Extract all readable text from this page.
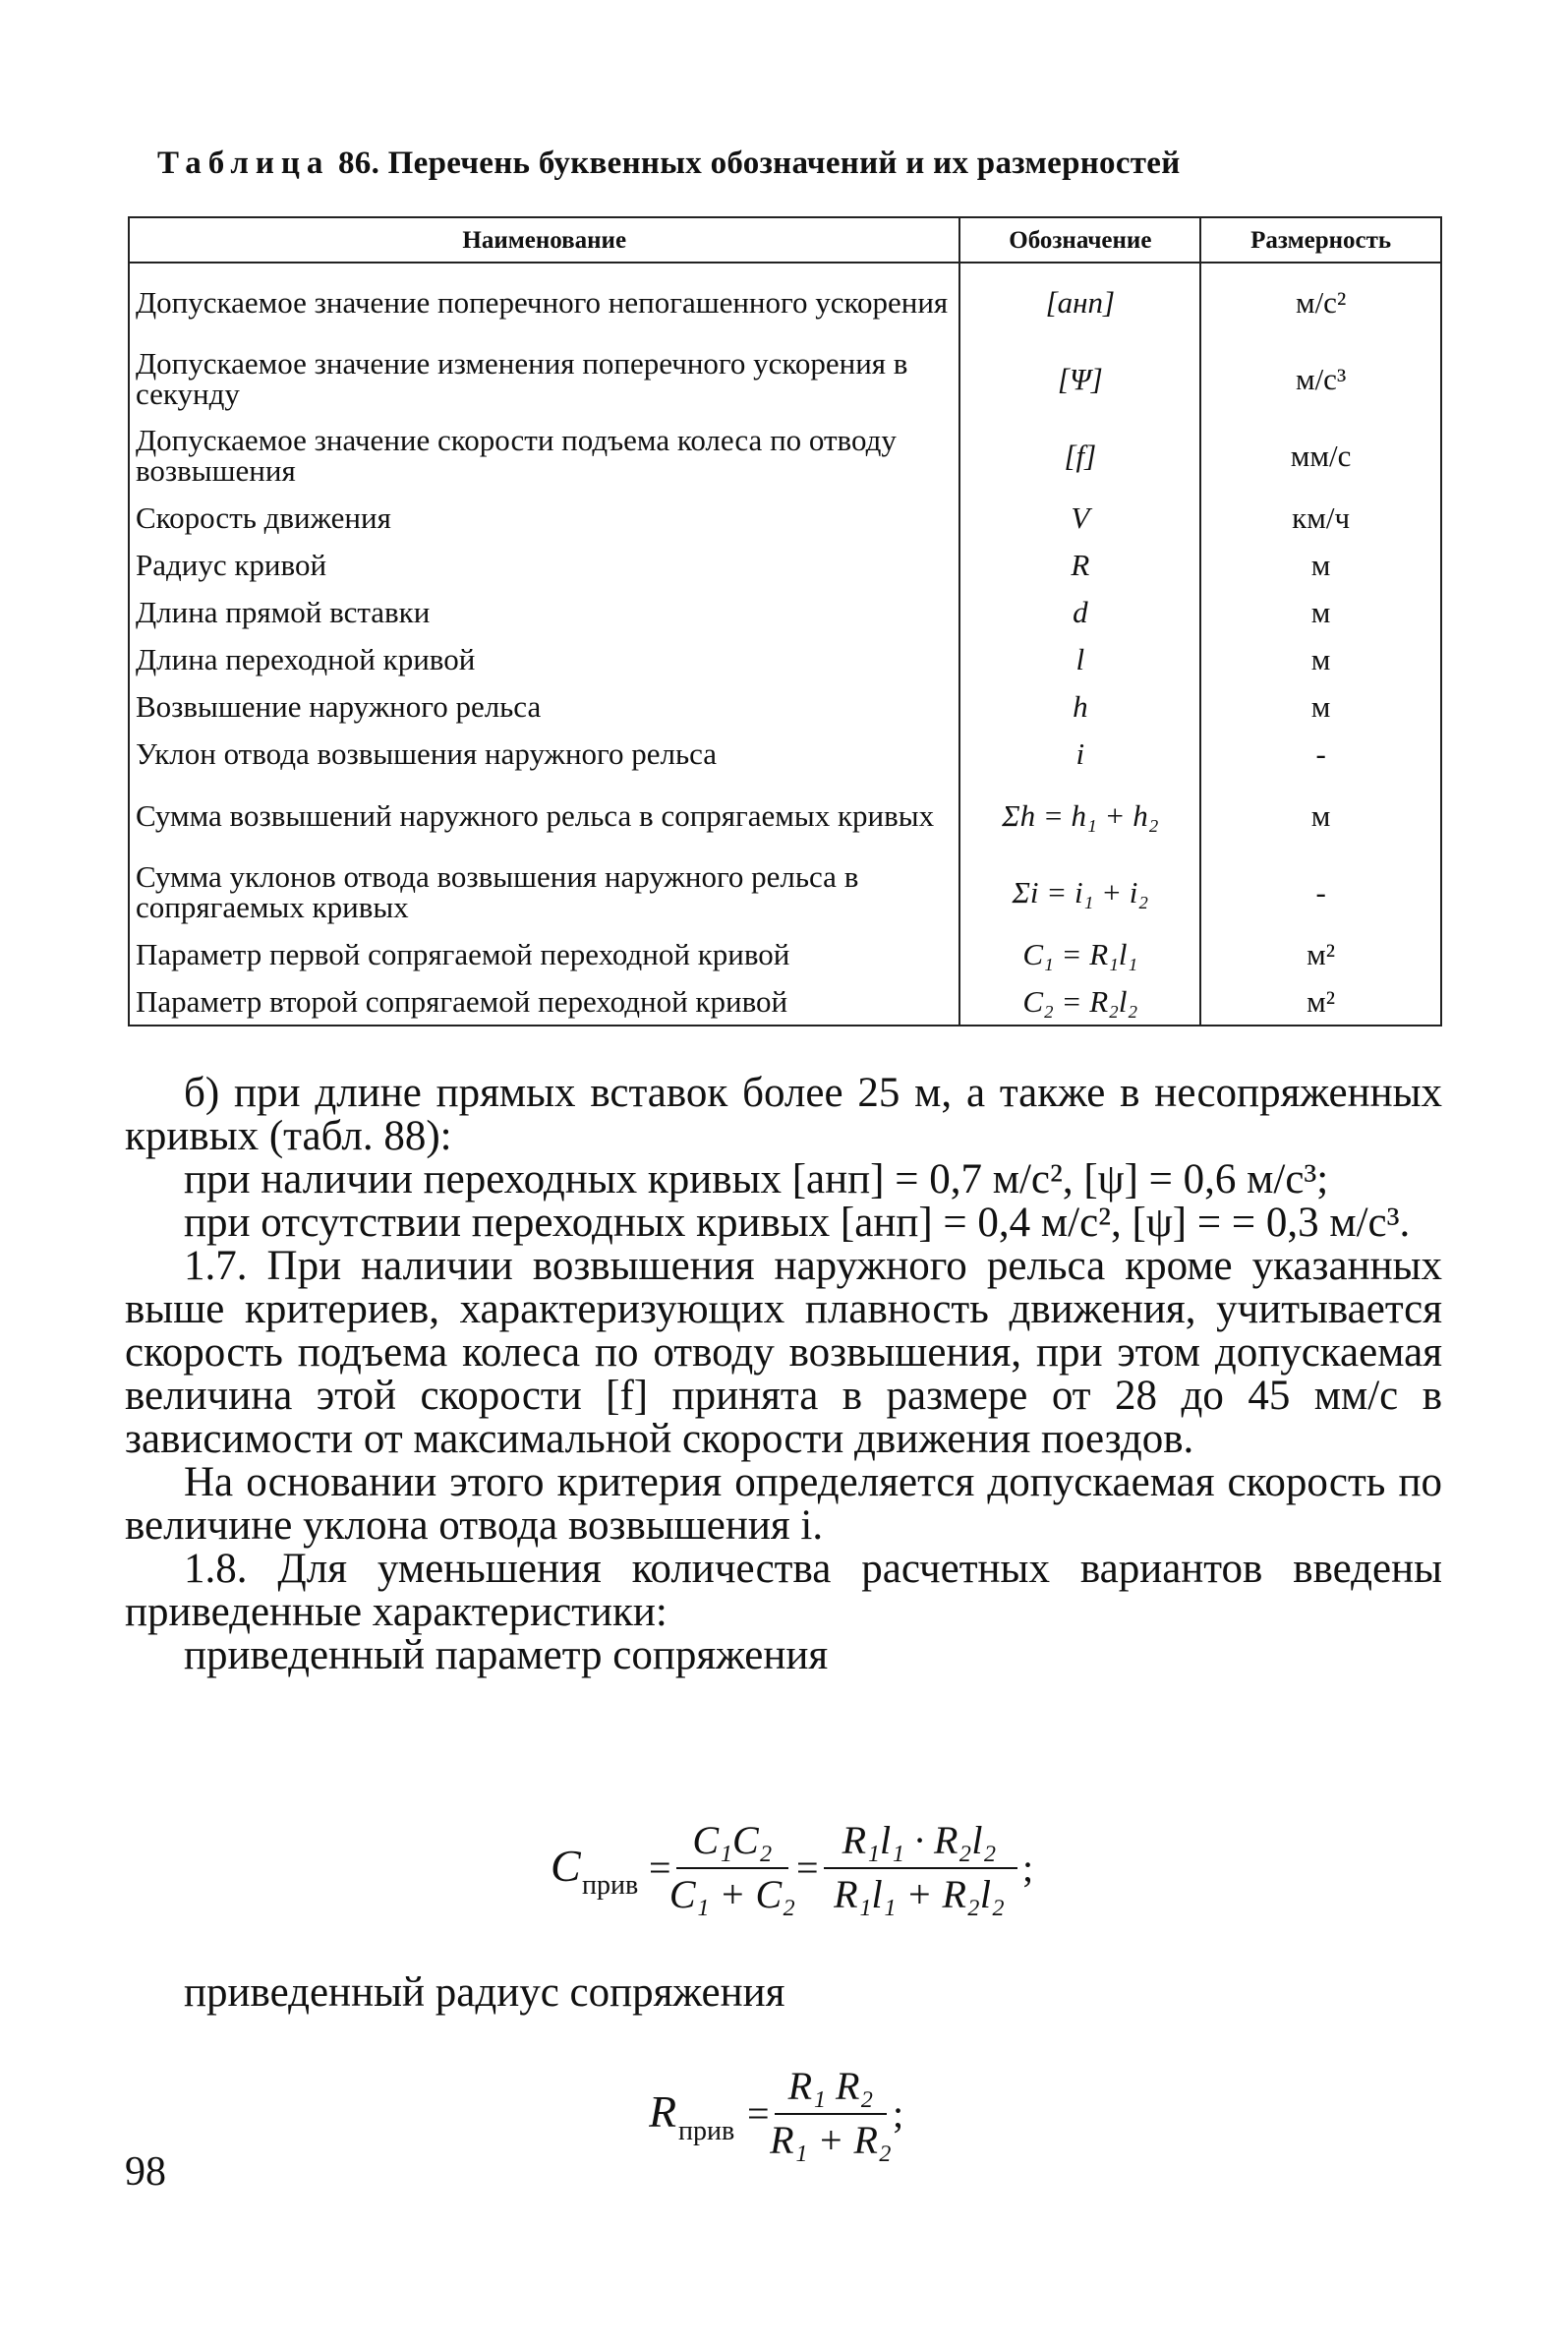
Таблица 86. Перечень буквенных обозначений и их размерностей
Наименование	Обозначение	Размерность
Допускаемое значение поперечного непогашенного ускорения	[aнп]	м/с²
Допускаемое значение изменения поперечного ускорения в секунду	[Ψ]	м/с³
Допускаемое значение скорости подъема колеса по отводу возвышения	[f]	мм/с
Скорость движения	V	км/ч
Радиус кривой	R	м
Длина прямой вставки	d	м
Длина переходной кривой	l	м
Возвышение наружного рельса	h	м
Уклон отвода возвышения наружного рельса	i	-
Сумма возвышений наружного рельса в сопрягаемых кривых	Σh = h₁ + h₂	м
Сумма уклонов отвода возвышения наружного рельса в сопрягаемых кривых	Σi = i₁ + i₂	-
Параметр первой сопрягаемой переходной кривой	C₁ = R₁l₁	м²
Параметр второй сопрягаемой переходной кривой	C₂ = R₂l₂	м²

б) при длине прямых вставок более 25 м, а также в несопряженных кривых (табл. 88):

при наличии переходных кривых [aнп] = 0,7 м/с², [ψ] = 0,6 м/с³;

при отсутствии переходных кривых [aнп] = 0,4 м/с², [ψ] = = 0,3 м/с³.

1.7. При наличии возвышения наружного рельса кроме указанных выше критериев, характеризующих плавность движения, учитывается скорость подъема колеса по отводу возвышения, при этом допускаемая величина этой скорости [f] принята в размере от 28 до 45 мм/с в зависимости от максимальной скорости движения поездов.

На основании этого критерия определяется допускаемая скорость по величине уклона отвода возвышения i.

1.8. Для уменьшения количества расчетных вариантов введены приведенные характеристики:

приведенный параметр сопряжения

C прив =
C₁C₂
C₁ + C₂
=
R₁l₁ · R₂l₂
R₁l₁ + R₂l₂
;

приведенный радиус сопряжения

R прив =
R₁ R₂
R₁ + R₂
;
98
